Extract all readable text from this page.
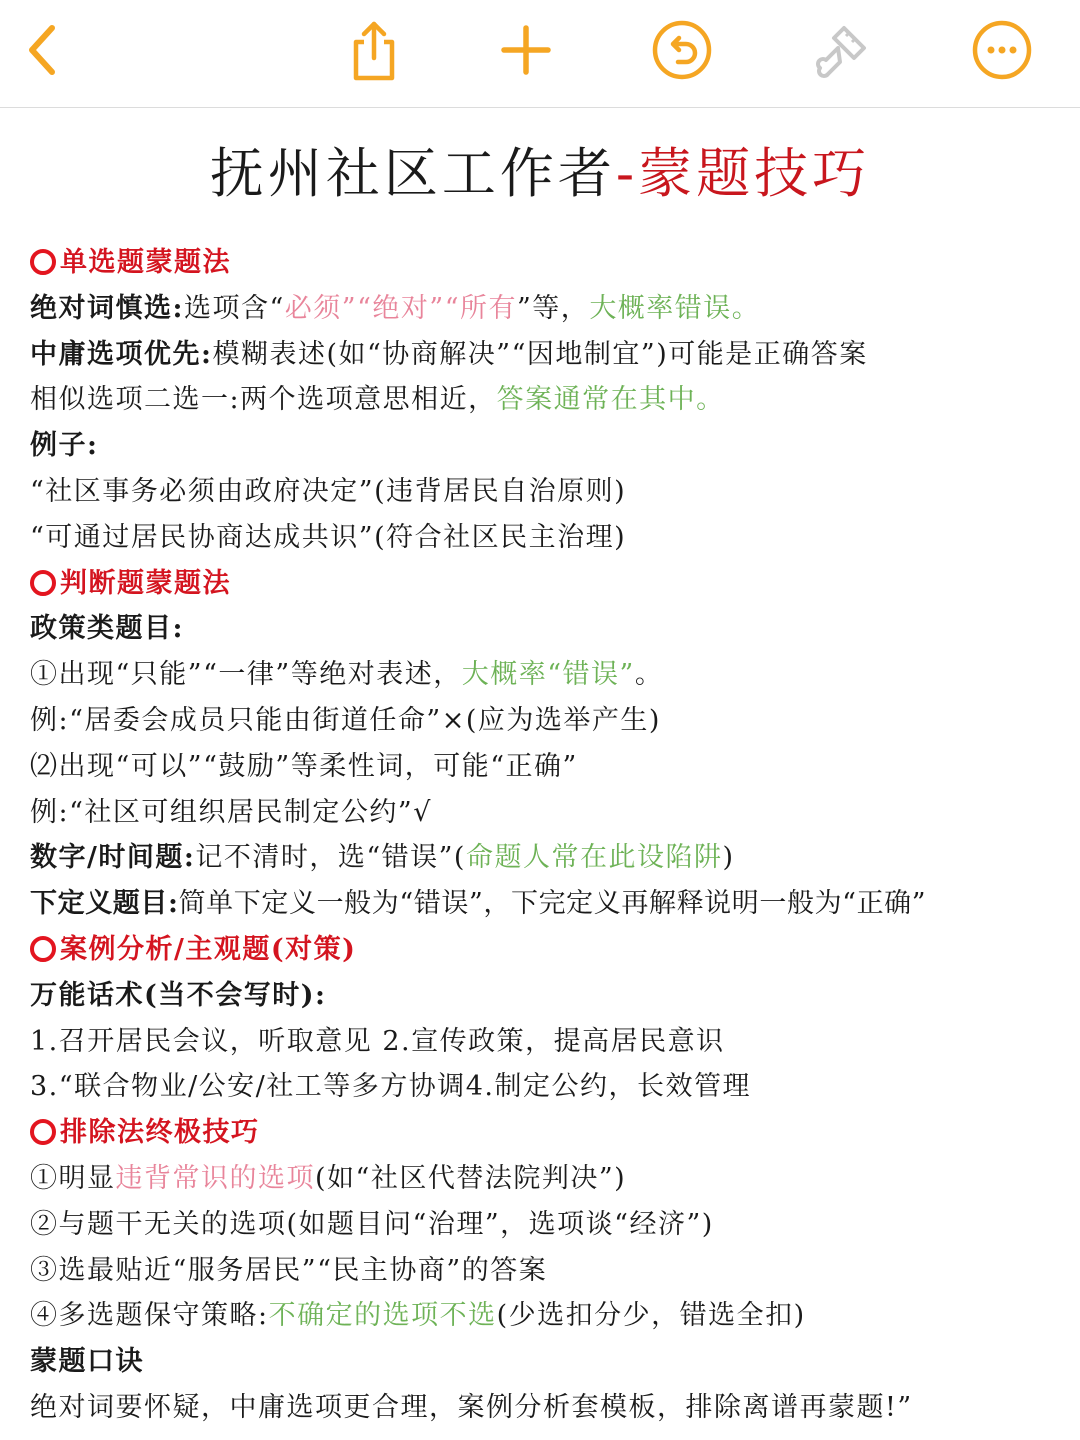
抚州社区工作者-蒙题技巧
单选题蒙题法
绝对词慎选:选项含“必须”“绝对”“所有”等，大概率错误。
中庸选项优先:模糊表述(如“协商解决”“因地制宜”)可能是正确答案
相似选项二选一:两个选项意思相近，答案通常在其中。
例子:
“社区事务必须由政府决定”(违背居民自治原则)
“可通过居民协商达成共识”(符合社区民主治理)
判断题蒙题法
政策类题目:
①出现“只能”“一律”等绝对表述，大概率“错误”。
例:“居委会成员只能由街道任命”×(应为选举产生)
⑵出现“可以”“鼓励”等柔性词，可能“正确”
例:“社区可组织居民制定公约”√
数字/时间题:记不清时，选“错误”(命题人常在此设陷阱)
下定义题目:简单下定义一般为“错误”，下完定义再解释说明一般为“正确”
案例分析/主观题(对策)
万能话术(当不会写时):
1.召开居民会议，听取意见 2.宣传政策，提高居民意识
3.“联合物业/公安/社工等多方协调4.制定公约，长效管理
排除法终极技巧
①明显违背常识的选项(如“社区代替法院判决”)
②与题干无关的选项(如题目问“治理”，选项谈“经济”)
③选最贴近“服务居民”“民主协商”的答案
④多选题保守策略:不确定的选项不选(少选扣分少，错选全扣)
蒙题口诀
绝对词要怀疑，中庸选项更合理，案例分析套模板，排除离谱再蒙题!”
